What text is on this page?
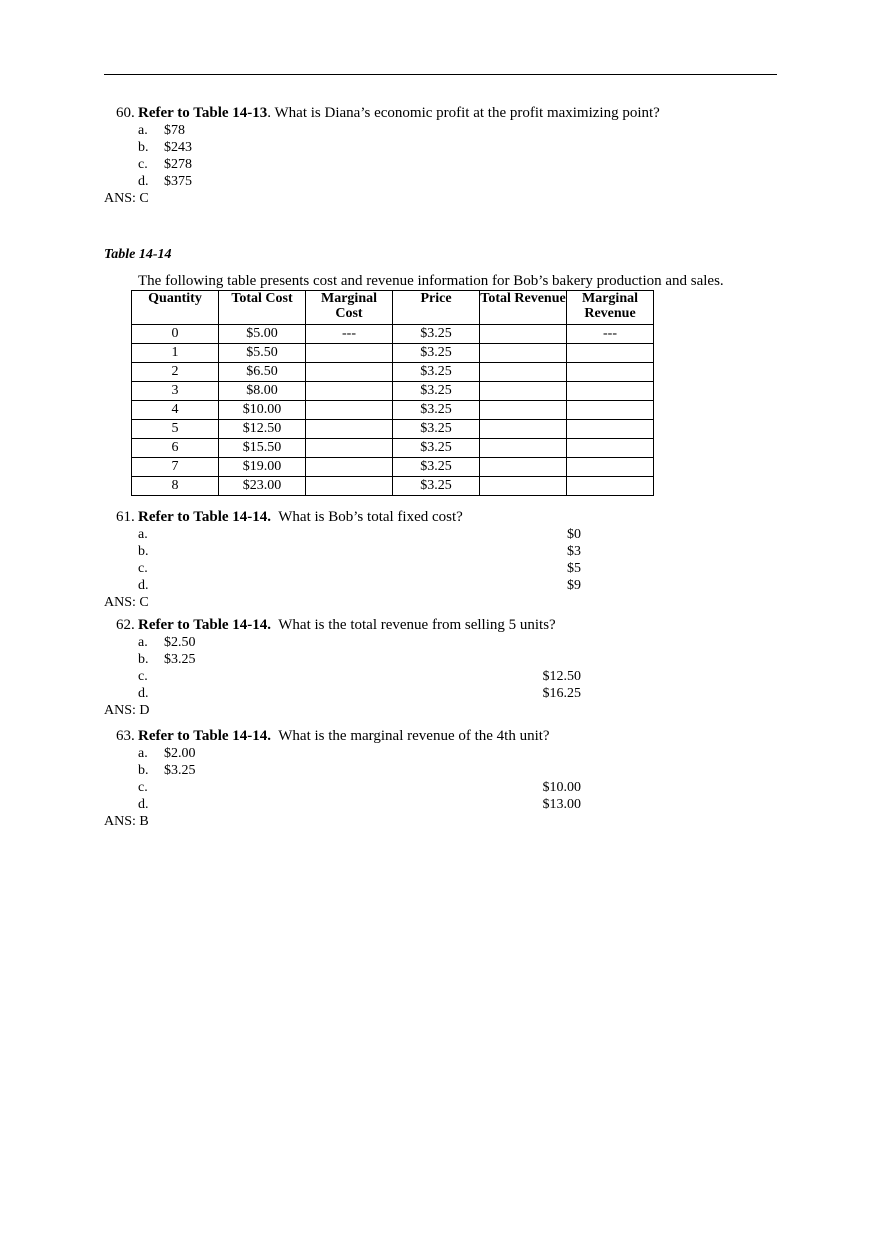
60. Refer to Table 14-13. What is Diana’s economic profit at the profit maximizing point?
a. $78
b. $243
c. $278
d. $375
ANS: C
Table 14-14
The following table presents cost and revenue information for Bob’s bakery production and sales.
Quantity	Total Cost	Marginal Cost	Price	Total Revenue	Marginal Revenue
0	$5.00	---	$3.25		---
1	$5.50		$3.25		
2	$6.50		$3.25		
3	$8.00		$3.25		
4	$10.00		$3.25		
5	$12.50		$3.25		
6	$15.50		$3.25		
7	$19.00		$3.25		
8	$23.00		$3.25		
61. Refer to Table 14-14.  What is Bob’s total fixed cost?
a.	$0
b.	$3
c.	$5
d.	$9
ANS: C
62. Refer to Table 14-14.  What is the total revenue from selling 5 units?
a. $2.50
b. $3.25
c.	$12.50
d.	$16.25
ANS: D
63. Refer to Table 14-14.  What is the marginal revenue of the 4th unit?
a. $2.00
b. $3.25
c.	$10.00
d.	$13.00
ANS: B
